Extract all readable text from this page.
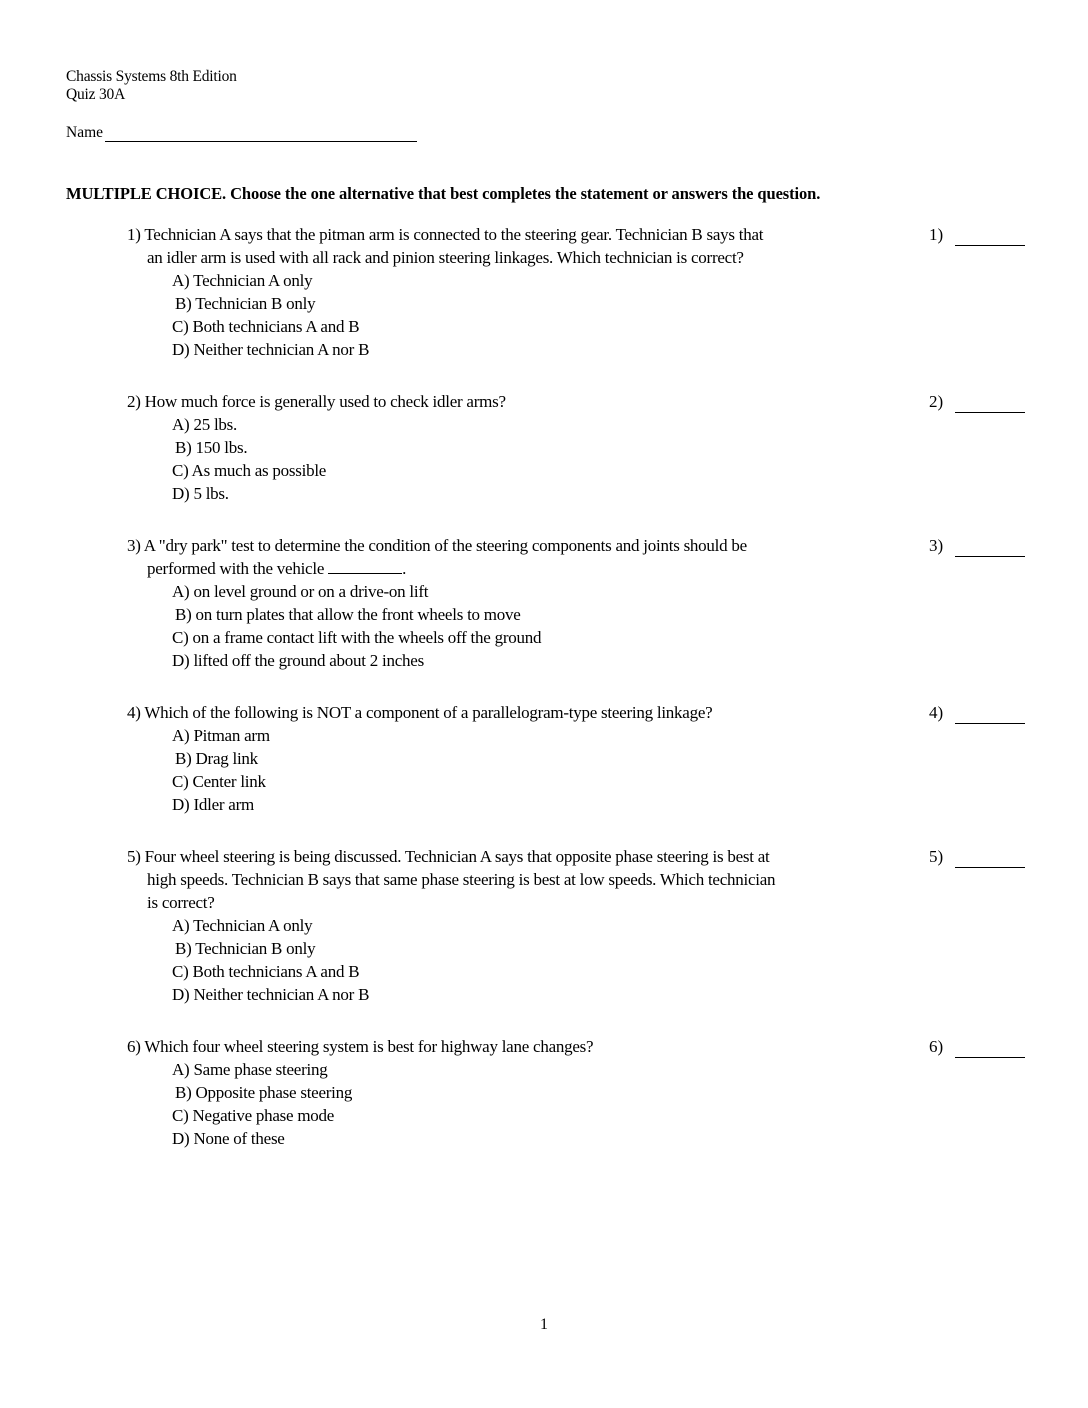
Chassis Systems 8th Edition
Quiz 30A
Name
MULTIPLE CHOICE. Choose the one alternative that best completes the statement or answers the question.
1) Technician A says that the pitman arm is connected to the steering gear. Technician B says that
an idler arm is used with all rack and pinion steering linkages. Which technician is correct?
A) Technician A only
B) Technician B only
C) Both technicians A and B
D) Neither technician A nor B
1)
2) How much force is generally used to check idler arms?
A) 25 lbs.
B) 150 lbs.
C) As much as possible
D) 5 lbs.
2)
3) A "dry park" test to determine the condition of the steering components and joints should be
performed with the vehicle	.
A) on level ground or on a drive-on lift
B) on turn plates that allow the front wheels to move
C) on a frame contact lift with the wheels off the ground
D) lifted off the ground about 2 inches
3)
4) Which of the following is NOT a component of a parallelogram-type steering linkage?
A) Pitman arm
B) Drag link
C) Center link
D) Idler arm
4)
5) Four wheel steering is being discussed. Technician A says that opposite phase steering is best at
high speeds. Technician B says that same phase steering is best at low speeds. Which technician
is correct?
A) Technician A only
B) Technician B only
C) Both technicians A and B
D) Neither technician A nor B
5)
6) Which four wheel steering system is best for highway lane changes?
A) Same phase steering
B) Opposite phase steering
C) Negative phase mode
D) None of these
6)
1
